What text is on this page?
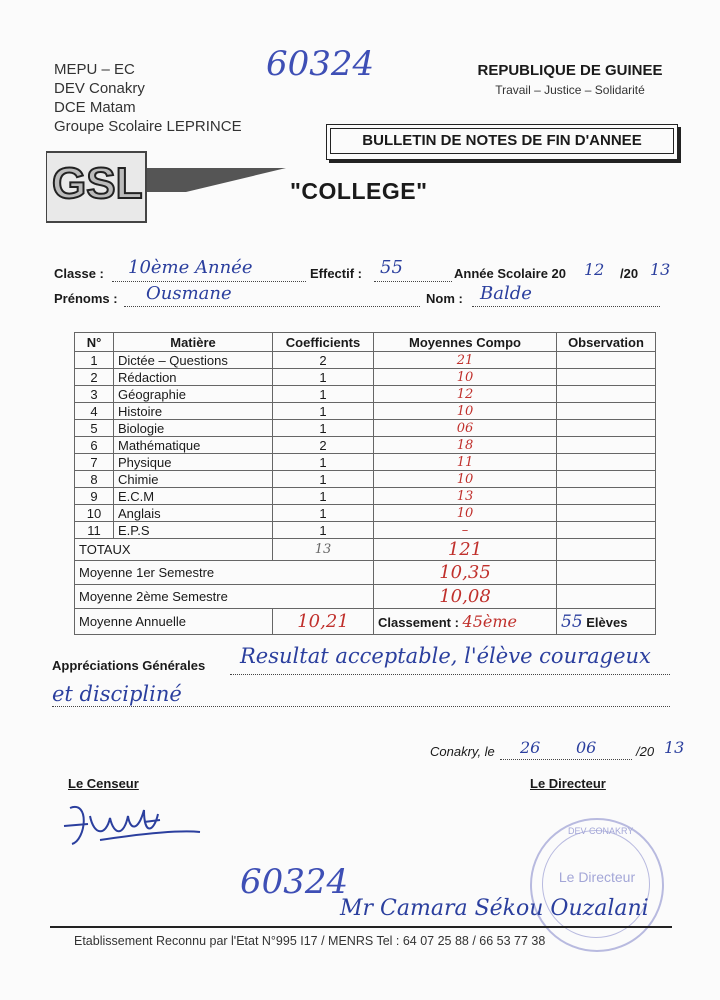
MEPU – EC
DEV Conakry
DCE Matam
Groupe Scolaire LEPRINCE
60324	REPUBLIQUE DE GUINEE
Travail – Justice – Solidarité
BULLETIN DE NOTES DE FIN D'ANNEE
GSL	"COLLEGE"
Classe : 10ème Année	Effectif : 55	Année Scolaire 20 12 /20 13
Prénoms : Ousmane	Nom : Balde
N°	Matière	Coefficients	Moyennes Compo	Observation
1	Dictée – Questions	2	21	
2	Rédaction	1	10	
3	Géographie	1	12	
4	Histoire	1	10	
5	Biologie	1	06	
6	Mathématique	2	18	
7	Physique	1	11	
8	Chimie	1	10	
9	E.C.M	1	13	
10	Anglais	1	10	
11	E.P.S	1	–	
TOTAUX		13	121	
Moyenne 1er Semestre			10,35	
Moyenne 2ème Semestre			10,08	
Moyenne Annuelle		10,21	Classement : 45ème	55 Elèves
Appréciations Générales Resultat acceptable, l'élève courageux
et discipliné
Conakry, le 26 06	/20 13
Le Censeur	Le Directeur
DEV CONAKRY
Le Directeur
60324
Mr Camara Sékou Ouzalani
Etablissement Reconnu par l'Etat N°995 I17 / MENRS Tel : 64 07 25 88 / 66 53 77 38
